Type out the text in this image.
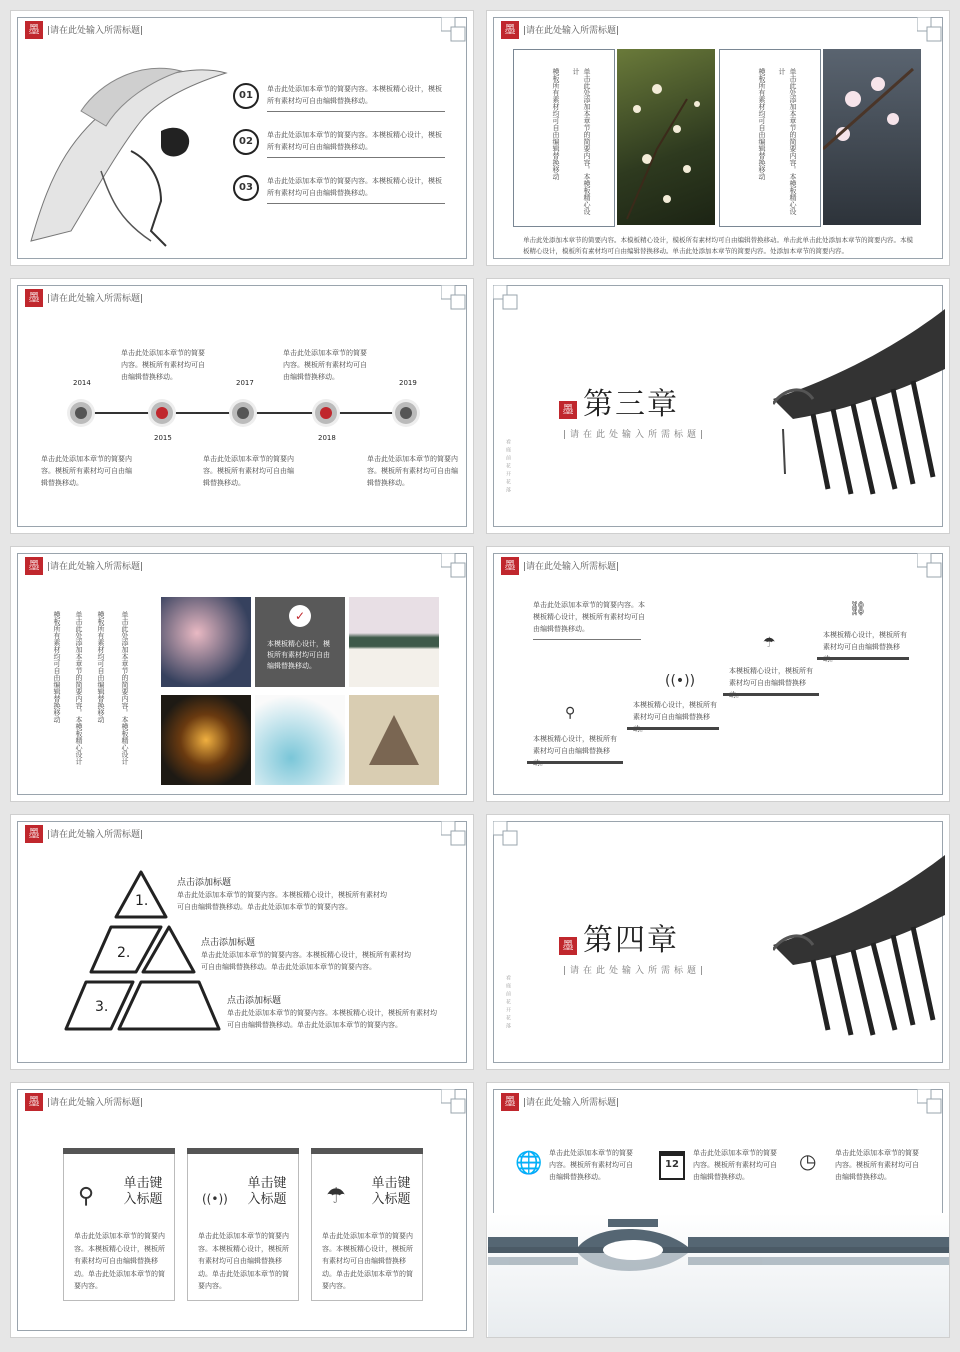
墨 |请在此处输入所需标题|
01
单击此处添加本章节的简要内容。本模板精心设计，模板所有素材均可自由编辑替换移动。
02
单击此处添加本章节的简要内容。本模板精心设计，模板所有素材均可自由编辑替换移动。
03
单击此处添加本章节的简要内容。本模板精心设计，模板所有素材均可自由编辑替换移动。
墨 |请在此处输入所需标题|
单击此处添加本章节的简要内容。本模板精心设计
模板所有素材均可自由编辑替换移动	单击此处添加本章节的简要内容。本模板精心设计
模板所有素材均可自由编辑替换移动
单击此处添加本章节的简要内容。本模板精心设计，模板所有素材均可自由编辑替换移动。单击此单击此处添加本章节的简要内容。本模板精心设计，模板所有素材均可自由编辑替换移动。单击此处添加本章节的简要内容。处添加本章节的简要内容。
墨 |请在此处输入所需标题|
单击此处添加本章节的简要内容。模板所有素材均可自由编辑替换移动。
单击此处添加本章节的简要内容。模板所有素材均可自由编辑替换移动。
2014
2015
2017
2018
2019
单击此处添加本章节的简要内容。模板所有素材均可自由编辑替换移动。
单击此处添加本章节的简要内容。模板所有素材均可自由编辑替换移动。
单击此处添加本章节的简要内容。模板所有素材均可自由编辑替换移动。
墨 第三章
|请在此处输入所需标题|
看庭前花开花落
墨 |请在此处输入所需标题|
单击此处添加本章节的简要内容。本模板精心设计
模板所有素材均可自由编辑替换移动
单击此处添加本章节的简要内容。本模板精心设计
模板所有素材均可自由编辑替换移动	✓
本模板精心设计，模板所有素材均可自由编辑替换移动。
墨 |请在此处输入所需标题|
单击此处添加本章节的简要内容。本模板精心设计，模板所有素材均可自由编辑替换移动。
⚲
本模板精心设计，模板所有素材均可自由编辑替换移
((•))
本模板精心设计，模板所有素材均可自由编辑替换移
☂
本模板精心设计，模板所有素材均可自由编辑替换移
⛓
本模板精心设计，模板所有素材均可自由编辑替换移
墨 |请在此处输入所需标题|
1.
2.
3.
点击添加标题
单击此处添加本章节的简要内容。本模板精心设计，模板所有素材均可自由编辑替换移动。单击此处添加本章节的简要内容。
点击添加标题
单击此处添加本章节的简要内容。本模板精心设计，模板所有素材均可自由编辑替换移动。单击此处添加本章节的简要内容。
点击添加标题
单击此处添加本章节的简要内容。本模板精心设计，模板所有素材均可自由编辑替换移动。单击此处添加本章节的简要内容。
墨 第四章
|请在此处输入所需标题|
看庭前花开花落
墨 |请在此处输入所需标题|
⚲
单击键入标题
单击此处添加本章节的简要内容。本模板精心设计，模板所有素材均可自由编辑替换移动。单击此处添加本章节的简要内容。
((•))
单击键入标题
单击此处添加本章节的简要内容。本模板精心设计，模板所有素材均可自由编辑替换移动。单击此处添加本章节的简要内容。
☂
单击键入标题
单击此处添加本章节的简要内容。本模板精心设计，模板所有素材均可自由编辑替换移动。单击此处添加本章节的简要内容。
墨 |请在此处输入所需标题|
🌐 单击此处添加本章节的简要内容。模板所有素材均可自由编辑替换移动。
12
单击此处添加本章节的简要内容。模板所有素材均可自由编辑替换移动。
◷	单击此处添加本章节的简要内容。模板所有素材均可自由编辑替换移动。
